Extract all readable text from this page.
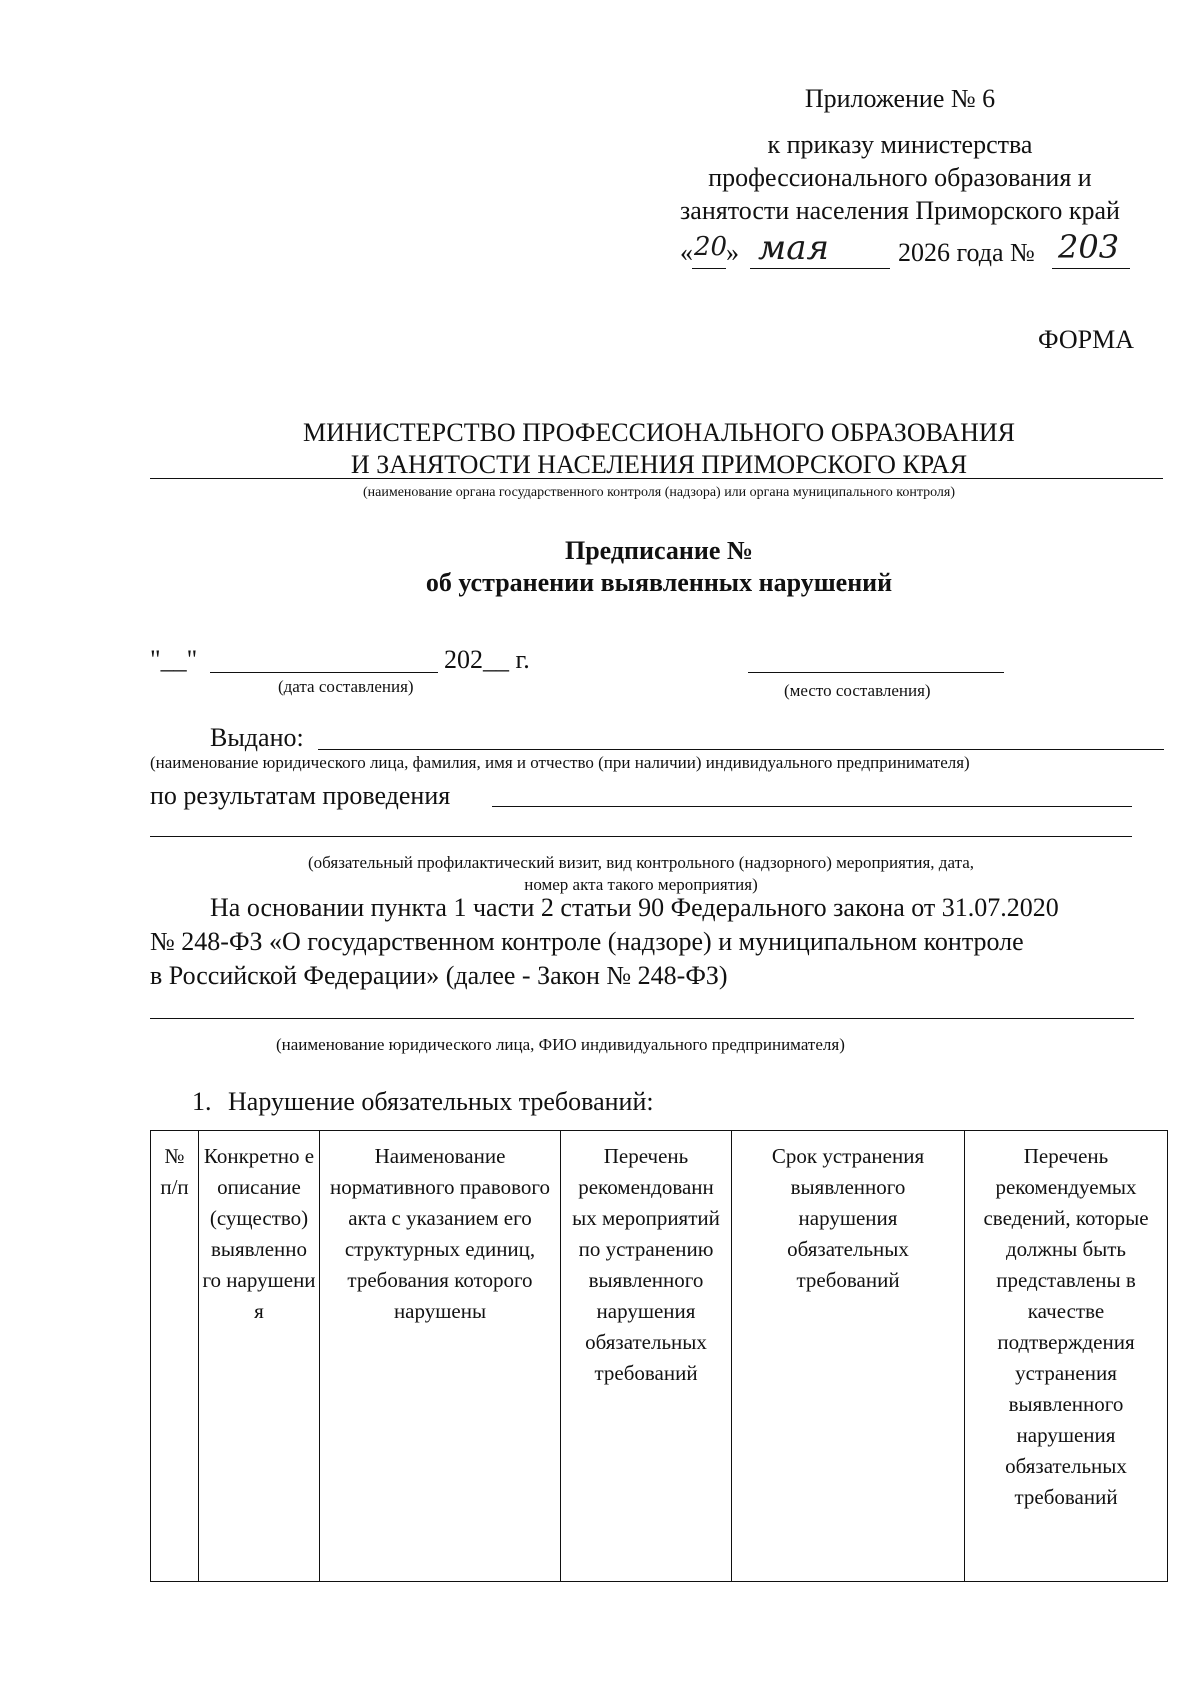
Приложение № 6
к приказу министерства
профессионального образования и
занятости населения Приморского край
« 20
» мая	2026 года № 203
ФОРМА
МИНИСТЕРСТВО ПРОФЕССИОНАЛЬНОГО ОБРАЗОВАНИЯ
И ЗАНЯТОСТИ НАСЕЛЕНИЯ ПРИМОРСКОГО КРАЯ
(наименование органа государственного контроля (надзора) или органа муниципального контроля)
Предписание №
об устранении выявленных нарушений
"__"	202__ г.
(дата составления)	(место составления)
Выдано:
(наименование юридического лица, фамилия, имя и отчество (при наличии) индивидуального предпринимателя)
по результатам проведения
(обязательный профилактический визит, вид контрольного (надзорного) мероприятия, дата,
номер акта такого мероприятия)
На основании пункта 1 части 2 статьи 90 Федерального закона от 31.07.2020
№ 248-ФЗ «О государственном контроле (надзоре) и муниципальном контроле
в Российской Федерации» (далее - Закон № 248-ФЗ)
(наименование юридического лица, ФИО индивидуального предпринимателя)
1. Нарушение обязательных требований:
№ п/п	Конкретно е описание (существо) выявленно го нарушени я	Наименование нормативного правового акта с указанием его структурных единиц, требования которого нарушены	Перечень рекомендованн ых мероприятий по устранению выявленного нарушения обязательных требований	Срок устранения выявленного нарушения обязательных требований	Перечень рекомендуемых сведений, которые должны быть представлены в качестве подтверждения устранения выявленного нарушения обязательных требований
